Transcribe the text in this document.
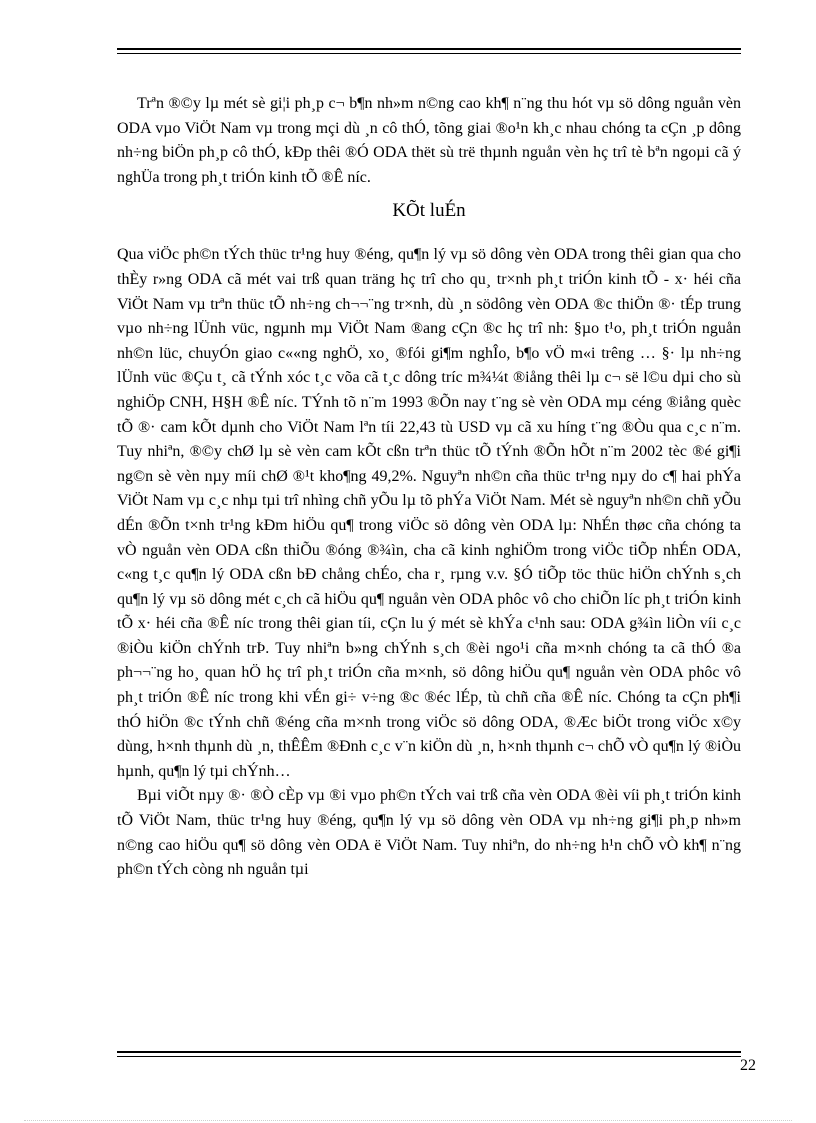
Trªn ®©y lµ mét sè gi¦i ph¸p c¬ b¶n nh»m n©ng cao kh¶ n¨ng thu hót vµ sö dông nguån vèn ODA vµo ViÖt Nam vµ trong mçi dù ¸n cô thÓ, tõng giai ®o¹n kh¸c nhau chóng ta cÇn ¸p dông nh÷ng biÖn ph¸p cô thÓ, kÐp thêi ®Ó ODA thët sù trë thµnh nguån vèn hç trî tè bªn ngoµi cã ý nghÜa trong ph¸t triÓn kinh tÕ ®Ê níc.

KÕt luÉn

Qua viÖc ph©n tÝch thüc tr¹ng huy ®éng, qu¶n lý vµ sö dông vèn ODA trong thêi gian qua cho thÈy r»ng ODA cã mét vai trß quan träng hç trî cho qu¸ tr×nh ph¸t triÓn kinh tÕ - x· héi cña ViÖt Nam vµ trªn thüc tÕ nh÷ng ch¬¬¨ng tr×nh, dù ¸n södông vèn ODA ®c thiÖn ®· tÉp trung vµo nh÷ng lÜnh vüc, ngµnh mµ ViÖt Nam ®ang cÇn ®c hç trî nh: §µo t¹o, ph¸t triÓn nguån nh©n lüc, chuyÓn giao c««ng nghÖ, xo¸ ®fói gi¶m nghÎo, b¶o vÖ m«i trêng … §· lµ nh÷ng lÜnh vüc ®Çu t¸ cã tÝnh xóc t¸c võa cã t¸c dông tríc m¾¼t ®iång thêi lµ c¬ së l©u dµi cho sù nghiÖp CNH, H§H ®Ê níc. TÝnh tõ n¨m 1993 ®Õn nay t¨ng sè vèn ODA mµ céng ®iång quèc tÕ ®· cam kÕt dµnh cho ViÖt Nam lªn tíi 22,43 tù USD vµ cã xu híng t¨ng ®Òu qua c¸c n¨m. Tuy nhiªn, ®©y chØ lµ sè vèn cam kÕt cßn trªn thüc tÕ tÝnh ®Õn hÕt n¨m 2002 tèc ®é gi¶i ng©n sè vèn nµy míi chØ ®¹t kho¶ng 49,2%. Nguyªn nh©n cña thüc tr¹ng nµy do c¶ hai phÝa ViÖt Nam vµ c¸c nhµ tµi trî nhìng chñ yÕu lµ tõ phÝa ViÖt Nam. Mét sè nguyªn nh©n chñ yÕu dÉn ®Õn t×nh tr¹ng kÐm hiÖu qu¶ trong viÖc sö dông vèn ODA lµ: NhÉn thøc cña chóng ta vÒ nguån vèn ODA cßn thiÕu ®óng ®¾ìn, cha cã kinh nghiÖm trong viÖc tiÕp nhÉn ODA, c«ng t¸c qu¶n lý ODA cßn bÐ chång chÉo, cha r¸ rµng v.v. §Ó tiÕp töc thüc hiÖn chÝnh s¸ch qu¶n lý vµ sö dông mét c¸ch cã hiÖu qu¶ nguån vèn ODA phôc vô cho chiÕn líc ph¸t triÓn kinh tÕ x· héi cña ®Ê níc trong thêi gian tíi, cÇn lu ý mét sè khÝa c¹nh sau: ODA g¾ìn liÒn víi c¸c ®iÒu kiÖn chÝnh trÞ. Tuy nhiªn b»ng chÝnh s¸ch ®èi ngo¹i cña m×nh chóng ta cã thÓ ®a ph¬¬¨ng ho¸ quan hÖ hç trî ph¸t triÓn cña m×nh, sö dông hiÖu qu¶ nguån vèn ODA phôc vô ph¸t triÓn ®Ê níc trong khi vÉn gi÷ v÷ng ®c ®éc lÉp, tù chñ cña ®Ê níc. Chóng ta cÇn ph¶i thÓ hiÖn ®c tÝnh chñ ®éng cña m×nh trong viÖc sö dông ODA, ®Æc biÖt trong viÖc x©y dùng, h×nh thµnh dù ¸n, thÊÊm ®Ðnh c¸c v¨n kiÖn dù ¸n, h×nh thµnh c¬ chÕ vÒ qu¶n lý ®iÒu hµnh, qu¶n lý tµi chÝnh…

Bµi viÕt nµy ®· ®Ò cÈp vµ ®i vµo ph©n tÝch vai trß cña vèn ODA ®èi víi ph¸t triÓn kinh tÕ ViÖt Nam, thüc tr¹ng huy ®éng, qu¶n lý vµ sö dông vèn ODA vµ nh÷ng gi¶i ph¸p nh»m n©ng cao hiÖu qu¶ sö dông vèn ODA ë ViÖt Nam. Tuy nhiªn, do nh÷ng h¹n chÕ vÒ kh¶ n¨ng ph©n tÝch còng nh nguån tµi

22
